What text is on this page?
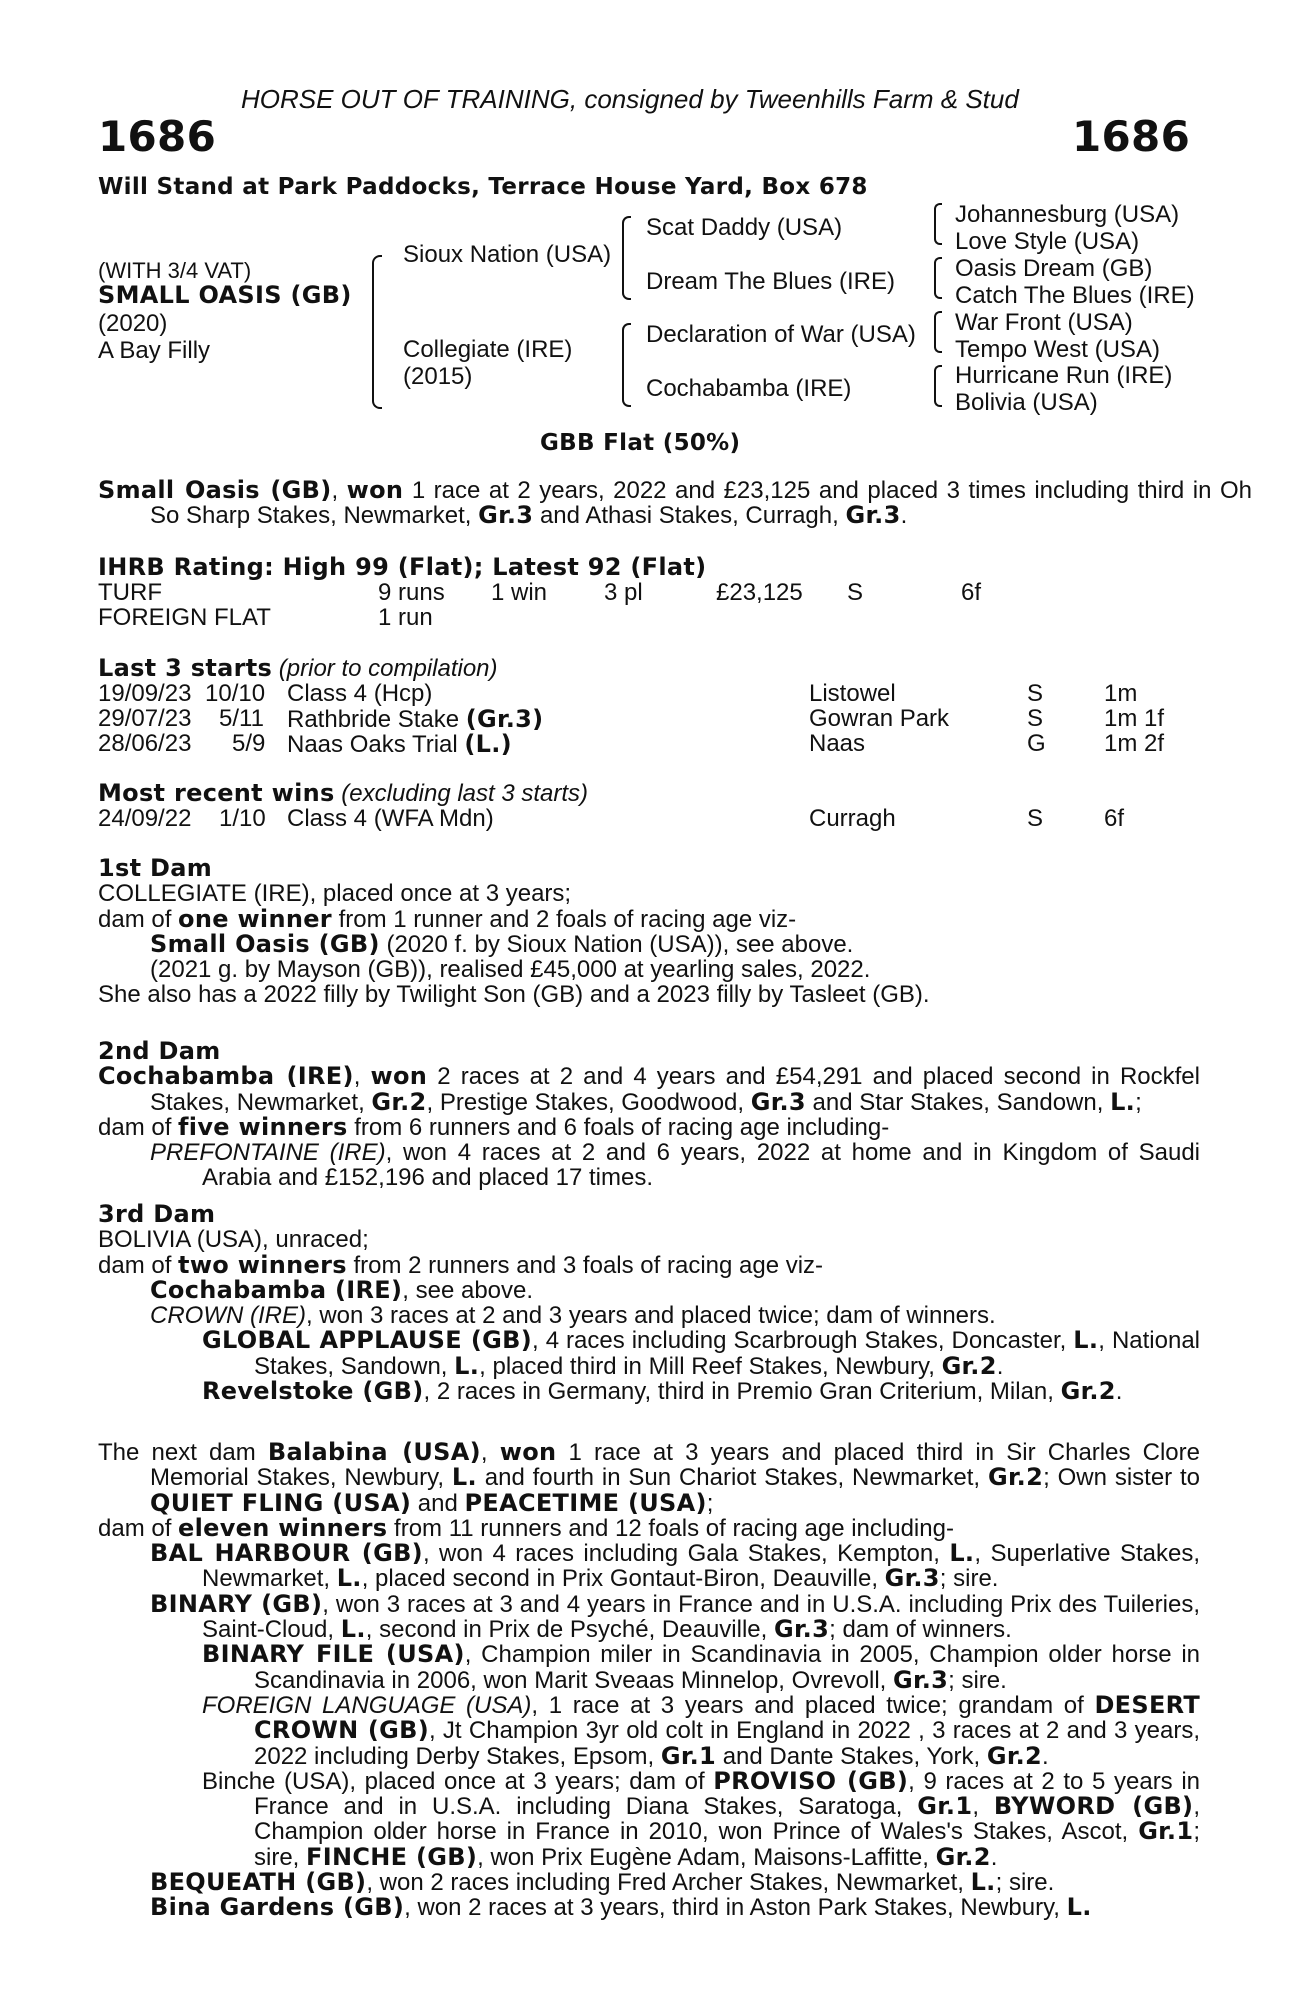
HORSE OUT OF TRAINING, consigned by Tweenhills Farm & Stud
1686	1686
Will Stand at Park Paddocks, Terrace House Yard, Box 678
(WITH 3/4 VAT)
SMALL OASIS (GB)
(2020)
A Bay Filly
Sioux Nation (USA)
Collegiate (IRE)
(2015)
Scat Daddy (USA)
Dream The Blues (IRE)
Declaration of War (USA)
Cochabamba (IRE)
Johannesburg (USA)
Love Style (USA)
Oasis Dream (GB)
Catch The Blues (IRE)
War Front (USA)
Tempo West (USA)
Hurricane Run (IRE)
Bolivia (USA)
GBB Flat (50%)
Small Oasis (GB), won 1 race at 2 years, 2022 and £23,125 and placed 3 times including third in Oh So Sharp Stakes, Newmarket, Gr.3 and Athasi Stakes, Curragh, Gr.3.
IHRB Rating: High 99 (Flat); Latest 92 (Flat)
TURF	9 runs 1 win 3 pl	£23,125 S	6f
FOREIGN FLAT	1 run
Last 3 starts (prior to compilation)
19/09/23 10/10 Class 4 (Hcp)	Listowel	S	1m
29/07/23 5/11 Rathbride Stake (Gr.3)	Gowran Park	S	1m 1f
28/06/23 5/9 Naas Oaks Trial (L.)	Naas	G 1m 2f
Most recent wins (excluding last 3 starts)
24/09/22 1/10 Class 4 (WFA Mdn)	Curragh	S	6f
1st Dam
COLLEGIATE (IRE), placed once at 3 years;
dam of one winner from 1 runner and 2 foals of racing age viz-
Small Oasis (GB) (2020 f. by Sioux Nation (USA)), see above.
(2021 g. by Mayson (GB)), realised £45,000 at yearling sales, 2022.
She also has a 2022 filly by Twilight Son (GB) and a 2023 filly by Tasleet (GB).
2nd Dam
Cochabamba (IRE), won 2 races at 2 and 4 years and £54,291 and placed second in Rockfel Stakes, Newmarket, Gr.2, Prestige Stakes, Goodwood, Gr.3 and Star Stakes, Sandown, L.;
dam of five winners from 6 runners and 6 foals of racing age including-
PREFONTAINE (IRE), won 4 races at 2 and 6 years, 2022 at home and in Kingdom of Saudi Arabia and £152,196 and placed 17 times.
3rd Dam
BOLIVIA (USA), unraced;
dam of two winners from 2 runners and 3 foals of racing age viz-
Cochabamba (IRE), see above.
CROWN (IRE), won 3 races at 2 and 3 years and placed twice; dam of winners.
GLOBAL APPLAUSE (GB), 4 races including Scarbrough Stakes, Doncaster, L., National Stakes, Sandown, L., placed third in Mill Reef Stakes, Newbury, Gr.2.
Revelstoke (GB), 2 races in Germany, third in Premio Gran Criterium, Milan, Gr.2.
The next dam Balabina (USA), won 1 race at 3 years and placed third in Sir Charles Clore Memorial Stakes, Newbury, L. and fourth in Sun Chariot Stakes, Newmarket, Gr.2; Own sister to QUIET FLING (USA) and PEACETIME (USA);
dam of eleven winners from 11 runners and 12 foals of racing age including-
BAL HARBOUR (GB), won 4 races including Gala Stakes, Kempton, L., Superlative Stakes, Newmarket, L., placed second in Prix Gontaut-Biron, Deauville, Gr.3; sire.
BINARY (GB), won 3 races at 3 and 4 years in France and in U.S.A. including Prix des Tuileries, Saint-Cloud, L., second in Prix de Psyché, Deauville, Gr.3; dam of winners.
BINARY FILE (USA), Champion miler in Scandinavia in 2005, Champion older horse in Scandinavia in 2006, won Marit Sveaas Minnelop, Ovrevoll, Gr.3; sire.
FOREIGN LANGUAGE (USA), 1 race at 3 years and placed twice; grandam of DESERT CROWN (GB), Jt Champion 3yr old colt in England in 2022 , 3 races at 2 and 3 years, 2022 including Derby Stakes, Epsom, Gr.1 and Dante Stakes, York, Gr.2.
Binche (USA), placed once at 3 years; dam of PROVISO (GB), 9 races at 2 to 5 years in France and in U.S.A. including Diana Stakes, Saratoga, Gr.1, BYWORD (GB), Champion older horse in France in 2010, won Prince of Wales's Stakes, Ascot, Gr.1; sire, FINCHE (GB), won Prix Eugène Adam, Maisons-Laffitte, Gr.2.
BEQUEATH (GB), won 2 races including Fred Archer Stakes, Newmarket, L.; sire.
Bina Gardens (GB), won 2 races at 3 years, third in Aston Park Stakes, Newbury, L.
